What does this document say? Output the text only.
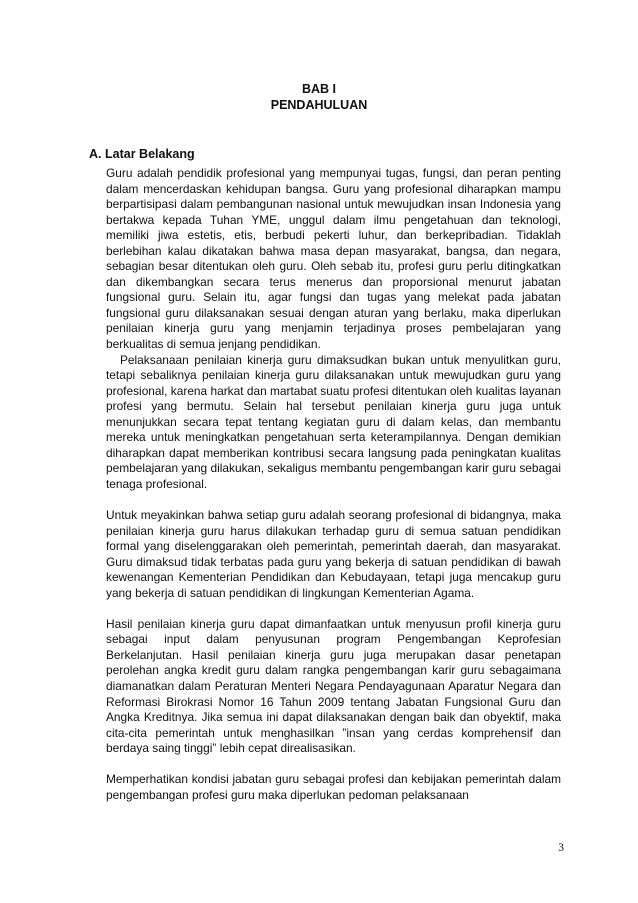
BAB I
PENDAHULUAN
A. Latar Belakang

Guru adalah pendidik profesional yang mempunyai tugas, fungsi, dan peran penting dalam mencerdaskan kehidupan bangsa. Guru yang profesional diharapkan mampu berpartisipasi dalam pembangunan nasional untuk mewujudkan insan Indonesia yang bertakwa kepada Tuhan YME, unggul dalam ilmu pengetahuan dan teknologi, memiliki jiwa estetis, etis, berbudi pekerti luhur, dan berkepribadian. Tidaklah berlebihan kalau dikatakan bahwa masa depan masyarakat, bangsa, dan negara, sebagian besar ditentukan oleh guru. Oleh sebab itu, profesi guru perlu ditingkatkan dan dikembangkan secara terus menerus dan proporsional menurut jabatan fungsional guru. Selain itu, agar fungsi dan tugas yang melekat pada jabatan fungsional guru dilaksanakan sesuai dengan aturan yang berlaku, maka diperlukan penilaian kinerja guru yang menjamin terjadinya proses pembelajaran yang berkualitas di semua jenjang pendidikan.

Pelaksanaan penilaian kinerja guru dimaksudkan bukan untuk menyulitkan guru, tetapi sebaliknya penilaian kinerja guru dilaksanakan untuk mewujudkan guru yang profesional, karena harkat dan martabat suatu profesi ditentukan oleh kualitas layanan profesi yang bermutu. Selain hal tersebut penilaian kinerja guru juga untuk menunjukkan secara tepat tentang kegiatan guru di dalam kelas, dan membantu mereka untuk meningkatkan pengetahuan serta keterampilannya. Dengan demikian diharapkan dapat memberikan kontribusi secara langsung pada peningkatan kualitas pembelajaran yang dilakukan, sekaligus membantu pengembangan karir guru sebagai tenaga profesional.

Untuk meyakinkan bahwa setiap guru adalah seorang profesional di bidangnya, maka penilaian kinerja guru harus dilakukan terhadap guru di semua satuan pendidikan formal yang diselenggarakan oleh pemerintah, pemerintah daerah, dan masyarakat. Guru dimaksud tidak terbatas pada guru yang bekerja di satuan pendidikan di bawah kewenangan Kementerian Pendidikan dan Kebudayaan, tetapi juga mencakup guru yang bekerja di satuan pendidikan di lingkungan Kementerian Agama.

Hasil penilaian kinerja guru dapat dimanfaatkan untuk menyusun profil kinerja guru sebagai input dalam penyusunan program Pengembangan Keprofesian Berkelanjutan. Hasil penilaian kinerja guru juga merupakan dasar penetapan perolehan angka kredit guru dalam rangka pengembangan karir guru sebagaimana diamanatkan dalam Peraturan Menteri Negara Pendayagunaan Aparatur Negara dan Reformasi Birokrasi Nomor 16 Tahun 2009 tentang Jabatan Fungsional Guru dan Angka Kreditnya. Jika semua ini dapat dilaksanakan dengan baik dan obyektif, maka cita-cita pemerintah untuk menghasilkan ”insan yang cerdas komprehensif dan berdaya saing tinggi” lebih cepat direalisasikan.

Memperhatikan kondisi jabatan guru sebagai profesi dan kebijakan pemerintah dalam pengembangan profesi guru maka diperlukan pedoman pelaksanaan

3
